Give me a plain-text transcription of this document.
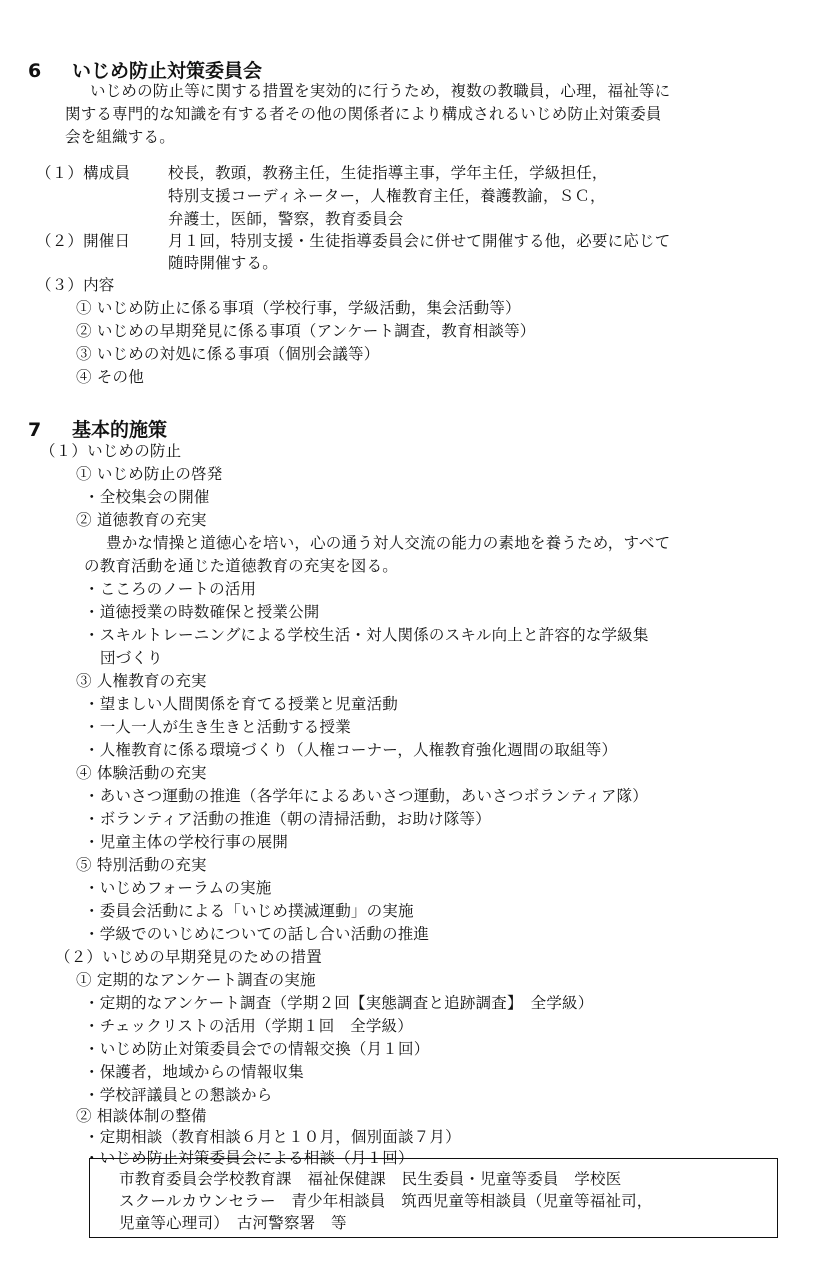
6 いじめ防止対策委員会
いじめの防止等に関する措置を実効的に行うため，複数の教職員，心理，福祉等に
関する専門的な知識を有する者その他の関係者により構成されるいじめ防止対策委員
会を組織する。
（１）構成員 校長，教頭，教務主任，生徒指導主事，学年主任，学級担任，
特別支援コーディネーター，人権教育主任，養護教諭，ＳＣ，
弁護士，医師，警察，教育委員会
（２）開催日 月１回，特別支援・生徒指導委員会に併せて開催する他，必要に応じて
随時開催する。
（３）内容
① いじめ防止に係る事項（学校行事，学級活動，集会活動等）
② いじめの早期発見に係る事項（アンケート調査，教育相談等）
③ いじめの対処に係る事項（個別会議等）
④ その他
7 基本的施策
（１）いじめの防止
① いじめ防止の啓発
・全校集会の開催
② 道徳教育の充実
豊かな情操と道徳心を培い，心の通う対人交流の能力の素地を養うため，すべて
の教育活動を通じた道徳教育の充実を図る。
・こころのノートの活用
・道徳授業の時数確保と授業公開
・スキルトレーニングによる学校生活・対人関係のスキル向上と許容的な学級集
団づくり
③ 人権教育の充実
・望ましい人間関係を育てる授業と児童活動
・一人一人が生き生きと活動する授業
・人権教育に係る環境づくり（人権コーナー，人権教育強化週間の取組等）
④ 体験活動の充実
・あいさつ運動の推進（各学年によるあいさつ運動，あいさつボランティア隊）
・ボランティア活動の推進（朝の清掃活動，お助け隊等）
・児童主体の学校行事の展開
⑤ 特別活動の充実
・いじめフォーラムの実施
・委員会活動による「いじめ撲滅運動」の実施
・学級でのいじめについての話し合い活動の推進
（２）いじめの早期発見のための措置
① 定期的なアンケート調査の実施
・定期的なアンケート調査（学期２回【実態調査と追跡調査】　全学級）
・チェックリストの活用（学期１回　全学級）
・いじめ防止対策委員会での情報交換（月１回）
・保護者，地域からの情報収集
・学校評議員との懇談から
② 相談体制の整備
・定期相談（教育相談６月と１０月，個別面談７月）
市教育委員会学校教育課　福祉保健課　民生委員・児童等委員　学校医
スクールカウンセラー　青少年相談員　筑西児童等相談員（児童等福祉司，
児童等心理司）　古河警察署　等
・いじめ防止対策委員会による相談（月１回）
